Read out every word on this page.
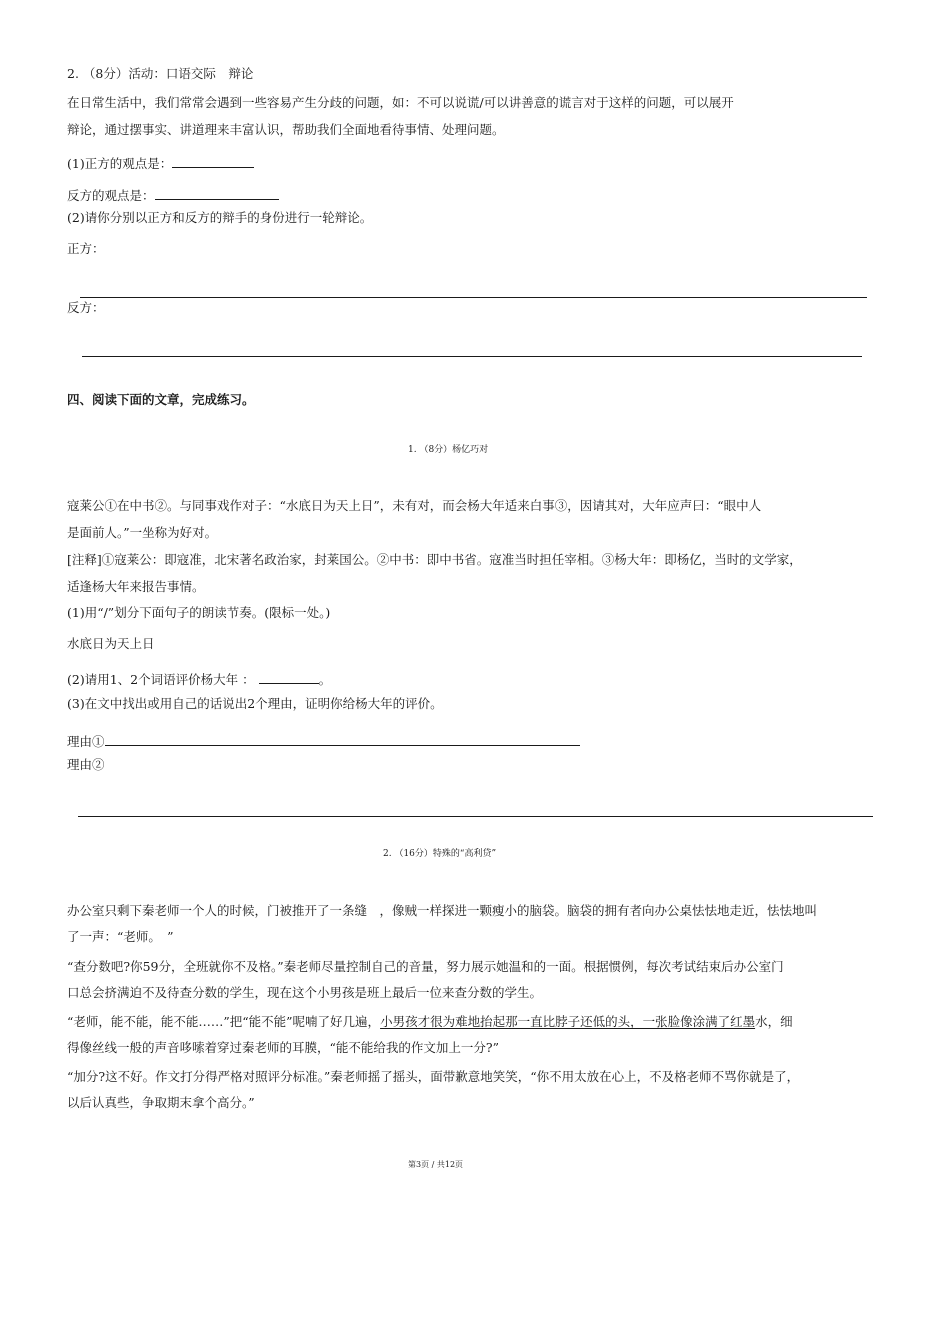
2. （8分）活动：口语交际　辩论
在日常生活中，我们常常会遇到一些容易产生分歧的问题，如：不可以说谎/可以讲善意的谎言对于这样的问题，可以展开
辩论，通过摆事实、讲道理来丰富认识，帮助我们全面地看待事情、处理问题。
(1)正方的观点是：
反方的观点是：
(2)请你分别以正方和反方的辩手的身份进行一轮辩论。
正方：
反方：
四、阅读下面的文章，完成练习。
1. （8分）杨亿巧对
寇莱公①在中书②。与同事戏作对子：“水底日为天上日”，未有对，而会杨大年适来白事③，因请其对，大年应声曰：“眼中人
是面前人。”一坐称为好对。
[注释]①寇莱公：即寇准，北宋著名政治家，封莱国公。②中书：即中书省。寇准当时担任宰相。③杨大年：即杨亿，当时的文学家，
适逢杨大年来报告事情。
(1)用“/”划分下面句子的朗读节奏。(限标一处。)
水底日为天上日
(2)请用1、2个词语评价杨大年 ：	。
(3)在文中找出或用自己的话说出2个理由，证明你给杨大年的评价。
理由①
理由②
2. （16分）特殊的“高利贷”
办公室只剩下秦老师一个人的时候，门被推开了一条缝　，像贼一样探进一颗瘦小的脑袋。脑袋的拥有者向办公桌怯怯地走近，怯怯地叫
了一声：“老师。　”
“查分数吧?你59分，全班就你不及格。”秦老师尽量控制自己的音量，努力展示她温和的一面。根据惯例，每次考试结束后办公室门
口总会挤满迫不及待查分数的学生，现在这个小男孩是班上最后一位来查分数的学生。
“老师，能不能，能不能……”把“能不能”呢喃了好几遍，小男孩才很为难地抬起那一直比脖子还低的头，一张脸像涂满了红墨水，细
得像丝线一般的声音哆嗦着穿过秦老师的耳膜，“能不能给我的作文加上一分?”
“加分?这不好。作文打分得严格对照评分标准。”秦老师摇了摇头，面带歉意地笑笑，“你不用太放在心上，不及格老师不骂你就是了，
以后认真些，争取期末拿个高分。”
第3页 / 共12页
